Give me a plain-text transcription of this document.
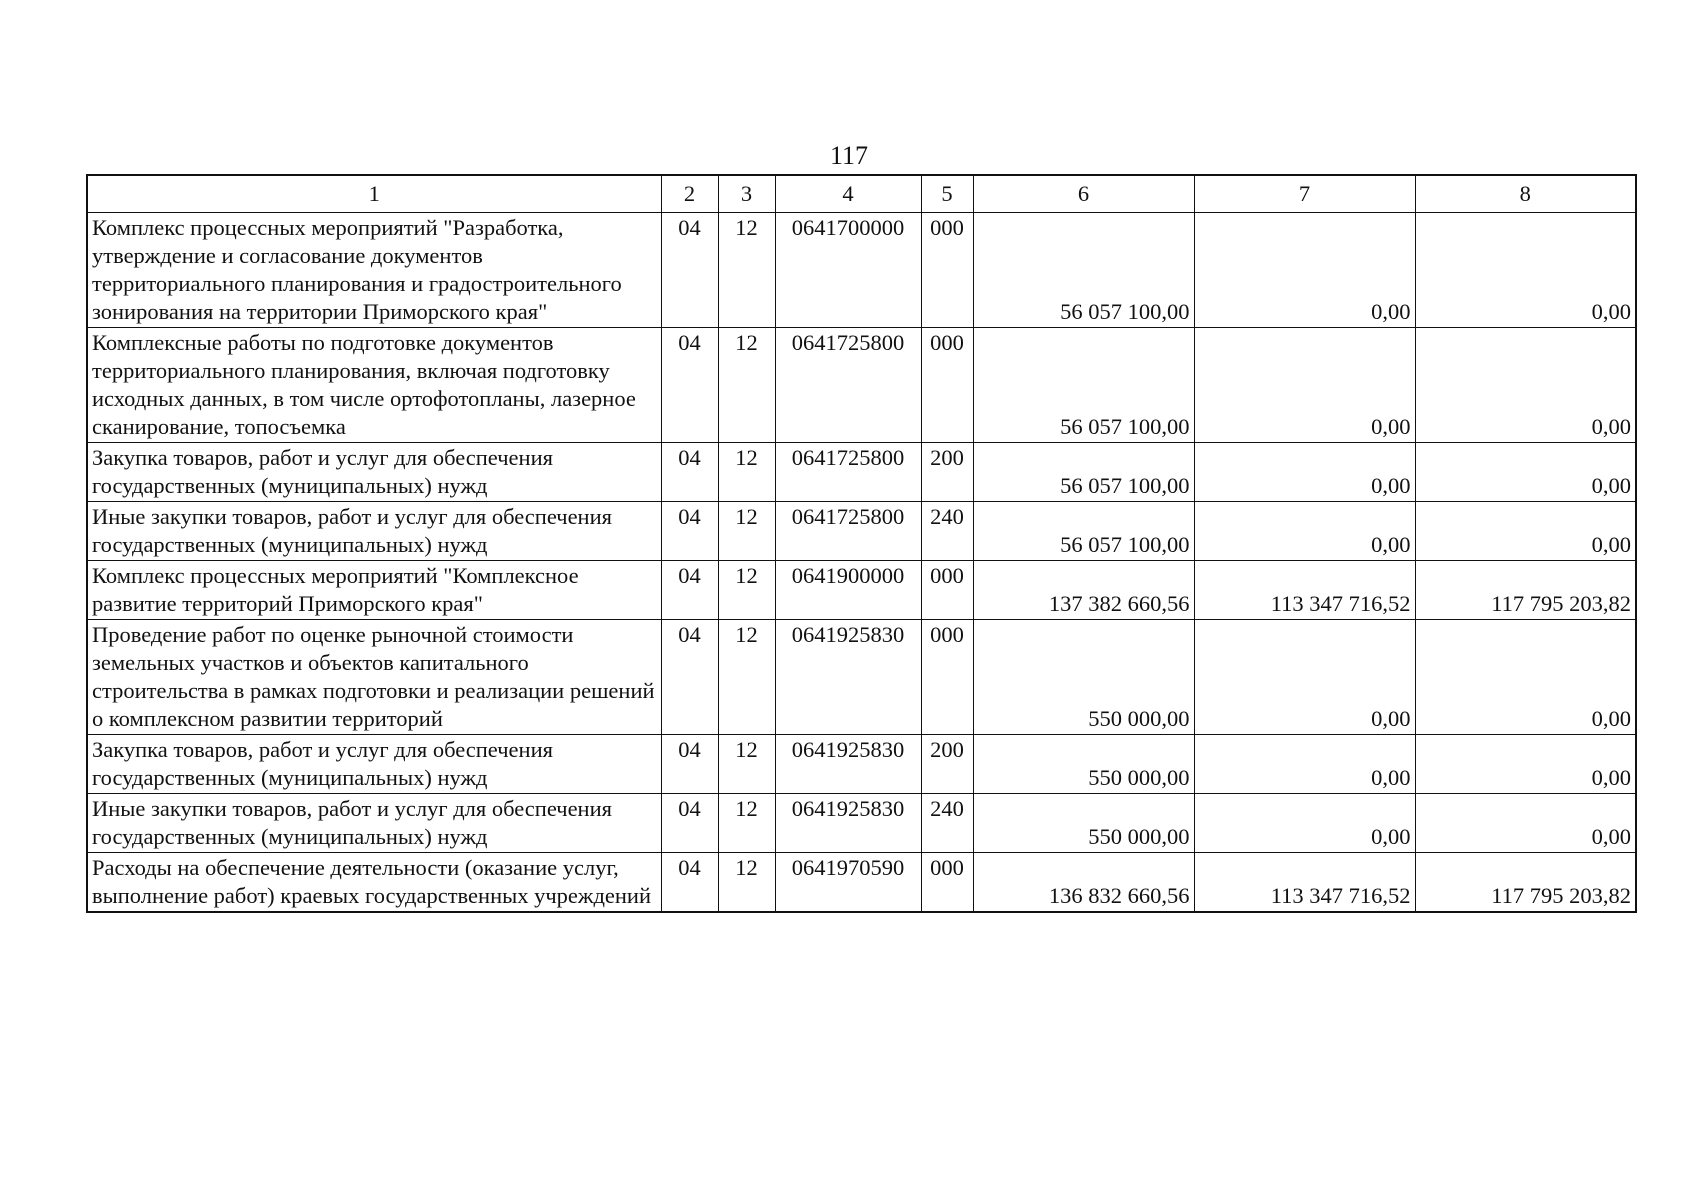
117
1	2	3	4	5	6	7	8
Комплекс процессных мероприятий "Разработка, утверждение и согласование документов территориального планирования и градостроительного зонирования на территории Приморского края"	04	12	0641700000	000	56 057 100,00	0,00	0,00

Комплексные работы по подготовке документов территориального планирования, включая подготовку исходных данных, в том числе ортофотопланы, лазерное сканирование, топосъемка	04	12	0641725800	000	56 057 100,00	0,00	0,00

Закупка товаров, работ и услуг для обеспечения государственных (муниципальных) нужд	04	12	0641725800	200	56 057 100,00	0,00	0,00

Иные закупки товаров, работ и услуг для обеспечения государственных (муниципальных) нужд	04	12	0641725800	240	56 057 100,00	0,00	0,00

Комплекс процессных мероприятий "Комплексное развитие территорий Приморского края"	04	12	0641900000	000	137 382 660,56	113 347 716,52	117 795 203,82

Проведение работ по оценке рыночной стоимости земельных участков и объектов капитального строительства в рамках подготовки и реализации решений о комплексном развитии территорий	04	12	0641925830	000	550 000,00	0,00	0,00

Закупка товаров, работ и услуг для обеспечения государственных (муниципальных) нужд	04	12	0641925830	200	550 000,00	0,00	0,00

Иные закупки товаров, работ и услуг для обеспечения государственных (муниципальных) нужд	04	12	0641925830	240	550 000,00	0,00	0,00

Расходы на обеспечение деятельности (оказание услуг, выполнение работ) краевых государственных учреждений	04	12	0641970590	000	136 832 660,56	113 347 716,52	117 795 203,82
